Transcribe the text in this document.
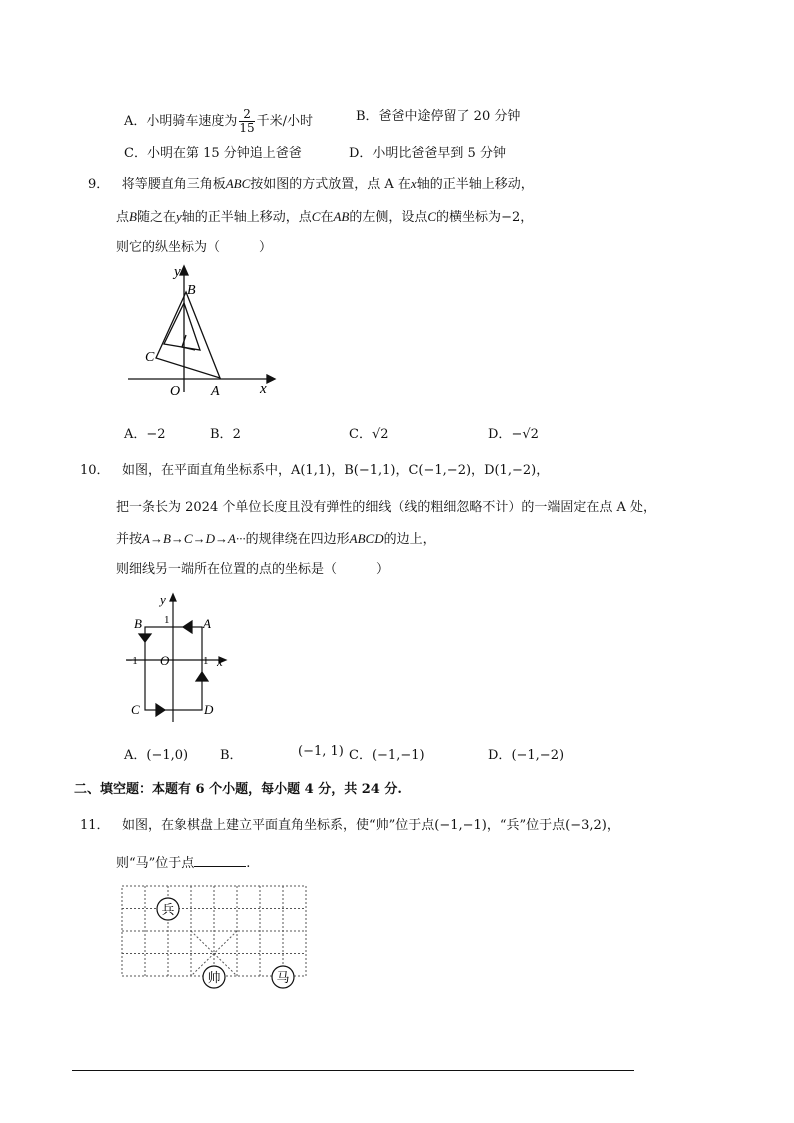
A．小明骑车速度为 $\frac{2}{15}$ 千米/小时	B．爸爸中途停留了 20 分钟
C．小明在第 15 分钟追上爸爸	D．小明比爸爸早到 5 分钟
9． 将等腰直角三角板ABC按如图的方式放置，点 A 在x轴的正半轴上移动，
点B随之在y轴的正半轴上移动，点C在AB的左侧，设点C的横坐标为−2，
则它的纵坐标为（　　　）
y
x
B
C
O A
A．−2	B．2	C．√2	D．−√2
10． 如图，在平面直角坐标系中，A(1,1)，B(−1,1)，C(−1,−2)，D(1,−2)，
把一条长为 2024 个单位长度且没有弹性的细线（线的粗细忽略不计）的一端固定在点 A 处，
并按A→B→C→D→A···的规律绕在四边形ABCD的边上，
则细线另一端所在位置的点的坐标是（　　　）
y
x
1
1
−1 O
A
B
C	D
A．(−1,0) B．	(−1, 1) C．(−1,−1)	D．(−1,−2)
二、填空题：本题有 6 个小题，每小题 4 分，共 24 分.
11． 如图，在象棋盘上建立平面直角坐标系，使“帅”位于点(−1,−1)，“兵”位于点(−3,2)，
则“马”位于点	.
兵
帅	马
